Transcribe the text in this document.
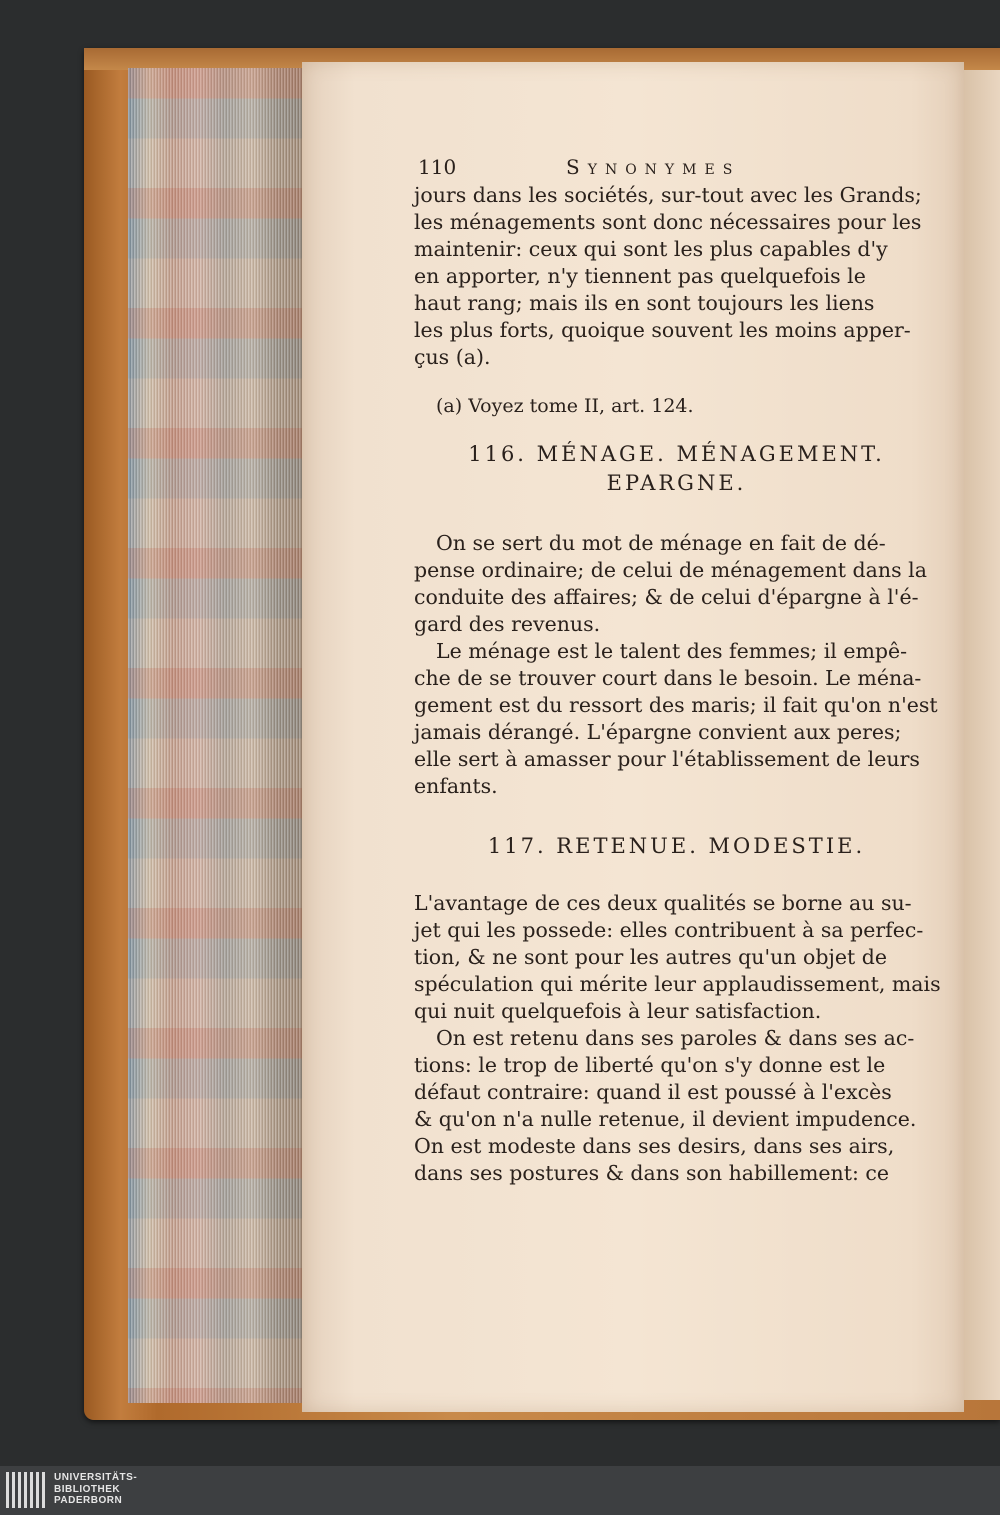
110	Synonymes
jours dans les sociétés, sur-tout avec les Grands;
les ménagements sont donc nécessaires pour les
maintenir: ceux qui sont les plus capables d'y
en apporter, n'y tiennent pas quelquefois le
haut rang; mais ils en sont toujours les liens
les plus forts, quoique souvent les moins apper-
çus (a).
(a) Voyez tome II, art. 124.
116. MÉNAGE. MÉNAGEMENT.
EPARGNE.
On se sert du mot de ménage en fait de dé-
pense ordinaire; de celui de ménagement dans la
conduite des affaires; & de celui d'épargne à l'é-
gard des revenus.
Le ménage est le talent des femmes; il empê-
che de se trouver court dans le besoin. Le ména-
gement est du ressort des maris; il fait qu'on n'est
jamais dérangé. L'épargne convient aux peres;
elle sert à amasser pour l'établissement de leurs
enfants.
117. RETENUE. MODESTIE.
L'avantage de ces deux qualités se borne au su-
jet qui les possede: elles contribuent à sa perfec-
tion, & ne sont pour les autres qu'un objet de
spéculation qui mérite leur applaudissement, mais
qui nuit quelquefois à leur satisfaction.
On est retenu dans ses paroles & dans ses ac-
tions: le trop de liberté qu'on s'y donne est le
défaut contraire: quand il est poussé à l'excès
& qu'on n'a nulle retenue, il devient impudence.
On est modeste dans ses desirs, dans ses airs,
dans ses postures & dans son habillement: ce
UNIVERSITÄTS-
BIBLIOTHEK
PADERBORN
